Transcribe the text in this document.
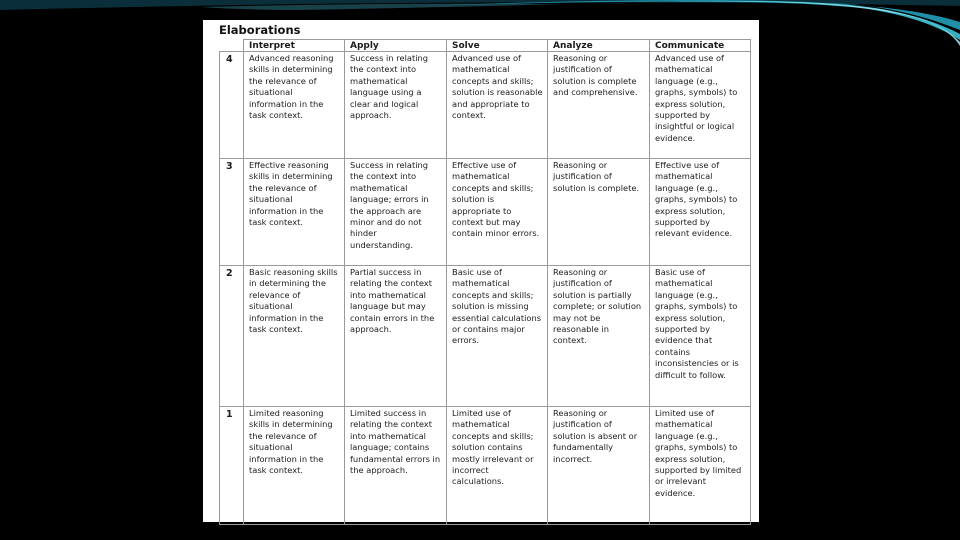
Elaborations
	Interpret	Apply	Solve	Analyze	Communicate
4	Advanced reasoning skills in determining the relevance of situational information in the task context.	Success in relating the context into mathematical language using a clear and logical approach.	Advanced use of mathematical concepts and skills; solution is reasonable and appropriate to context.	Reasoning or justification of solution is complete and comprehensive.	Advanced use of mathematical language (e.g., graphs, symbols) to express solution, supported by insightful or logical evidence.
3	Effective reasoning skills in determining the relevance of situational information in the task context.	Success in relating the context into mathematical language; errors in the approach are minor and do not hinder understanding.	Effective use of mathematical concepts and skills; solution is appropriate to context but may contain minor errors.	Reasoning or justification of solution is complete.	Effective use of mathematical language (e.g., graphs, symbols) to express solution, supported by relevant evidence.
2	Basic reasoning skills in determining the relevance of situational information in the task context.	Partial success in relating the context into mathematical language but may contain errors in the approach.	Basic use of mathematical concepts and skills; solution is missing essential calculations or contains major errors.	Reasoning or justification of solution is partially complete; or solution may not be reasonable in context.	Basic use of mathematical language (e.g., graphs, symbols) to express solution, supported by evidence that contains inconsistencies or is difficult to follow.
1	Limited reasoning skills in determining the relevance of situational information in the task context.	Limited success in relating the context into mathematical language; contains fundamental errors in the approach.	Limited use of mathematical concepts and skills; solution contains mostly irrelevant or incorrect calculations.	Reasoning or justification of solution is absent or fundamentally incorrect.	Limited use of mathematical language (e.g., graphs, symbols) to express solution, supported by limited or irrelevant evidence.
